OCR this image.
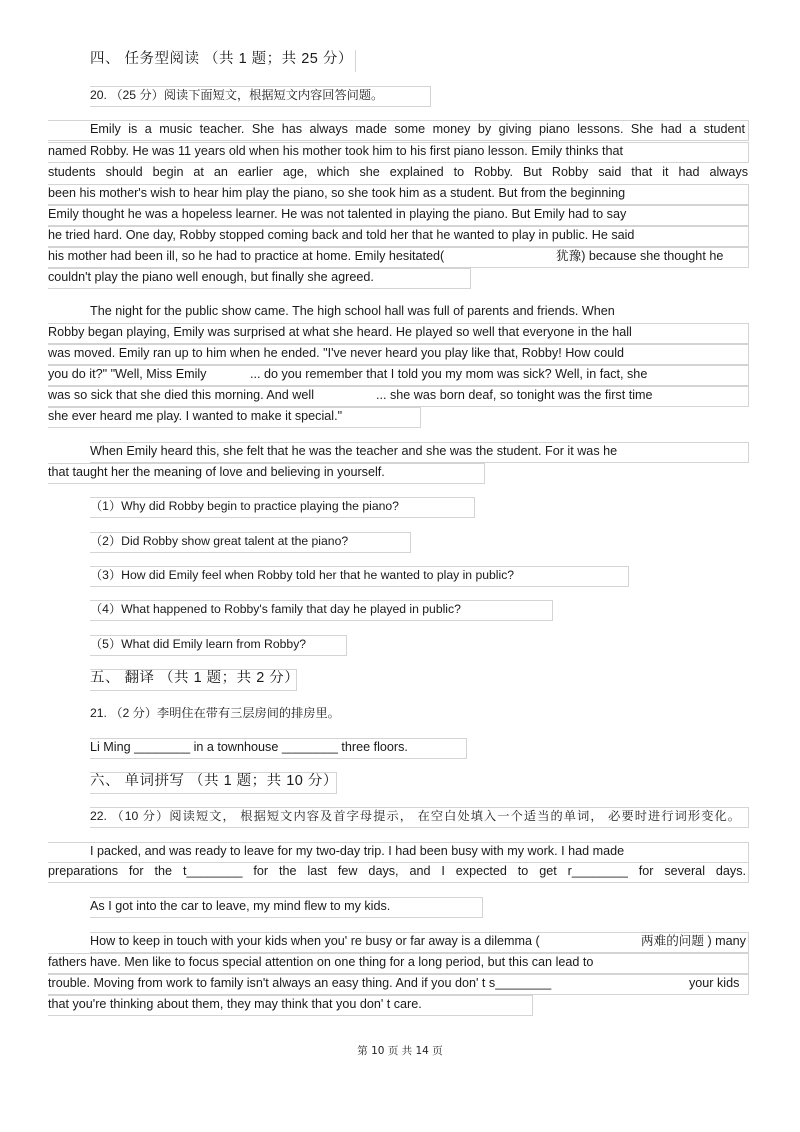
四、 任务型阅读 （共 1 题；共 25 分）
20. （25 分）阅读下面短文，根据短文内容回答问题。
Emily is a music teacher. She has always made some money by giving piano lessons. She had a student
named Robby. He was 11 years old when his mother took him to his first piano lesson. Emily thinks that
students should begin at an earlier age, which she explained to Robby. But Robby said that it had always
been his mother's wish to hear him play the piano, so she took him as a student. But from the beginning
Emily thought he was a hopeless learner. He was not talented in playing the piano. But Emily had to say
he tried hard. One day, Robby stopped coming back and told her that he wanted to play in public. He said
his mother had been ill, so he had to practice at home. Emily hesitated(	犹豫) because she thought he
couldn't play the piano well enough, but finally she agreed.
The night for the public show came. The high school hall was full of parents and friends. When
Robby began playing, Emily was surprised at what she heard. He played so well that everyone in the hall
was moved. Emily ran up to him when he ended. "I've never heard you play like that, Robby! How could
you do it?" "Well, Miss Emily	... do you remember that I told you my mom was sick? Well, in fact, she
was so sick that she died this morning. And well	... she was born deaf, so tonight was the first time
she ever heard me play. I wanted to make it special."
When Emily heard this, she felt that he was the teacher and she was the student. For it was he
that taught her the meaning of love and believing in yourself.
（1）Why did Robby begin to practice playing the piano?
（2）Did Robby show great talent at the piano?
（3）How did Emily feel when Robby told her that he wanted to play in public?
（4）What happened to Robby's family that day he played in public?
（5）What did Emily learn from Robby?
五、 翻译 （共 1 题；共 2 分）
21. （2 分）李明住在带有三层房间的排房里。
Li Ming ________ in a townhouse ________ three floors.
六、 单词拼写 （共 1 题；共 10 分）
22. （10 分）阅读短文， 根据短文内容及首字母提示， 在空白处填入一个适当的单词， 必要时进行词形变化。
I packed, and was ready to leave for my two-day trip. I had been busy with my work. I had made
preparations for the t________ for the last few days, and I expected to get r________ for several days.
As I got into the car to leave, my mind flew to my kids.
How to keep in touch with your kids when you' re busy or far away is a dilemma (	两难的问题 ) many
fathers have. Men like to focus special attention on one thing for a long period, but this can lead to
trouble. Moving from work to family isn't always an easy thing. And if you don' t s________	your kids
that you're thinking about them, they may think that you don' t care.
第 10 页 共 14 页
